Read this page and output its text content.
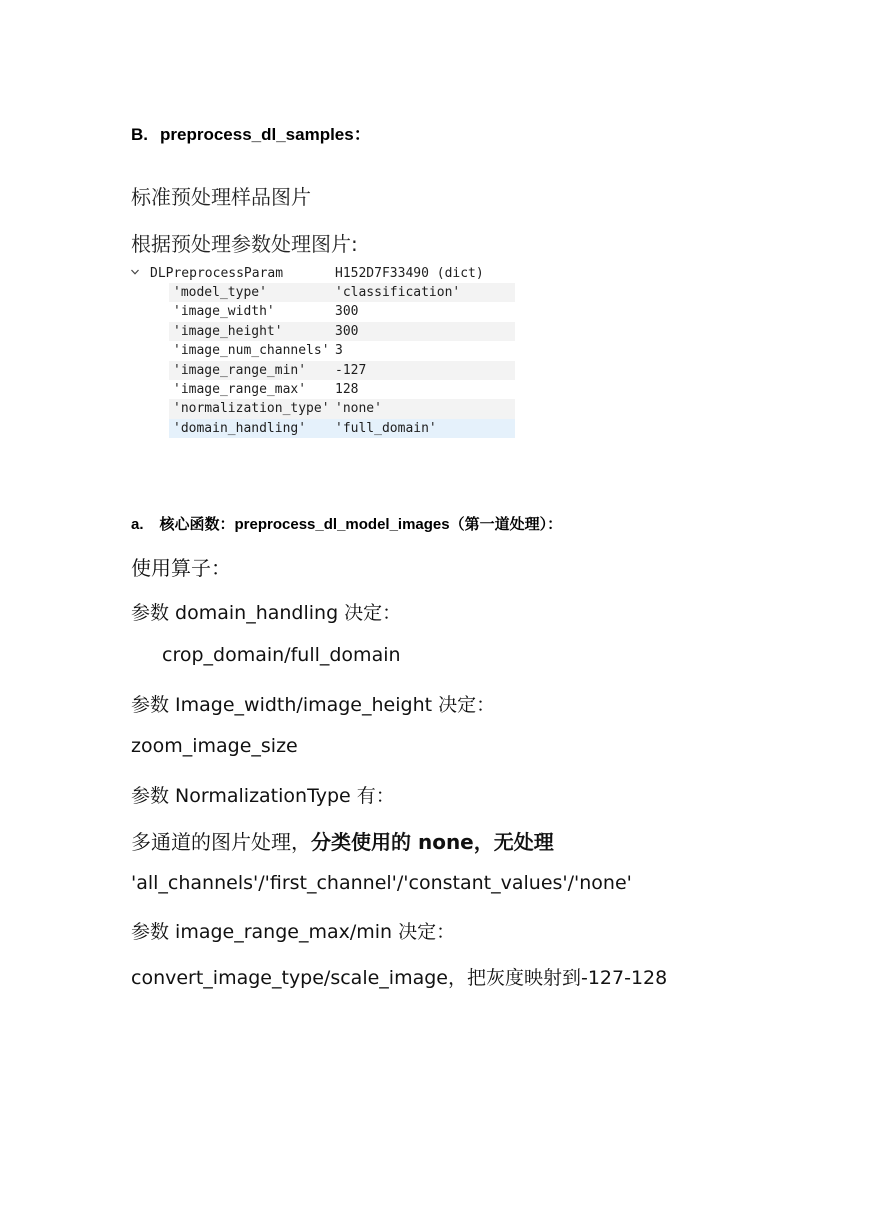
B. preprocess_dl_samples：
标准预处理样品图片
根据预处理参数处理图片:
DLPreprocessParam	H152D7F33490 (dict)
'model_type'	'classification'
'image_width'	300
'image_height'	300
'image_num_channels' 3
'image_range_min' -127
'image_range_max' 128
'normalization_type' 'none'
'domain_handling' 'full_domain'
a. 核心函数：preprocess_dl_model_images（第一道处理）：
使用算子：
参数 domain_handling 决定：
crop_domain/full_domain
参数 Image_width/image_height 决定：
zoom_image_size
参数 NormalizationType 有：
多通道的图片处理，分类使用的 none，无处理
'all_channels'/'first_channel'/'constant_values'/'none'
参数 image_range_max/min 决定：
convert_image_type/scale_image，把灰度映射到-127-128
